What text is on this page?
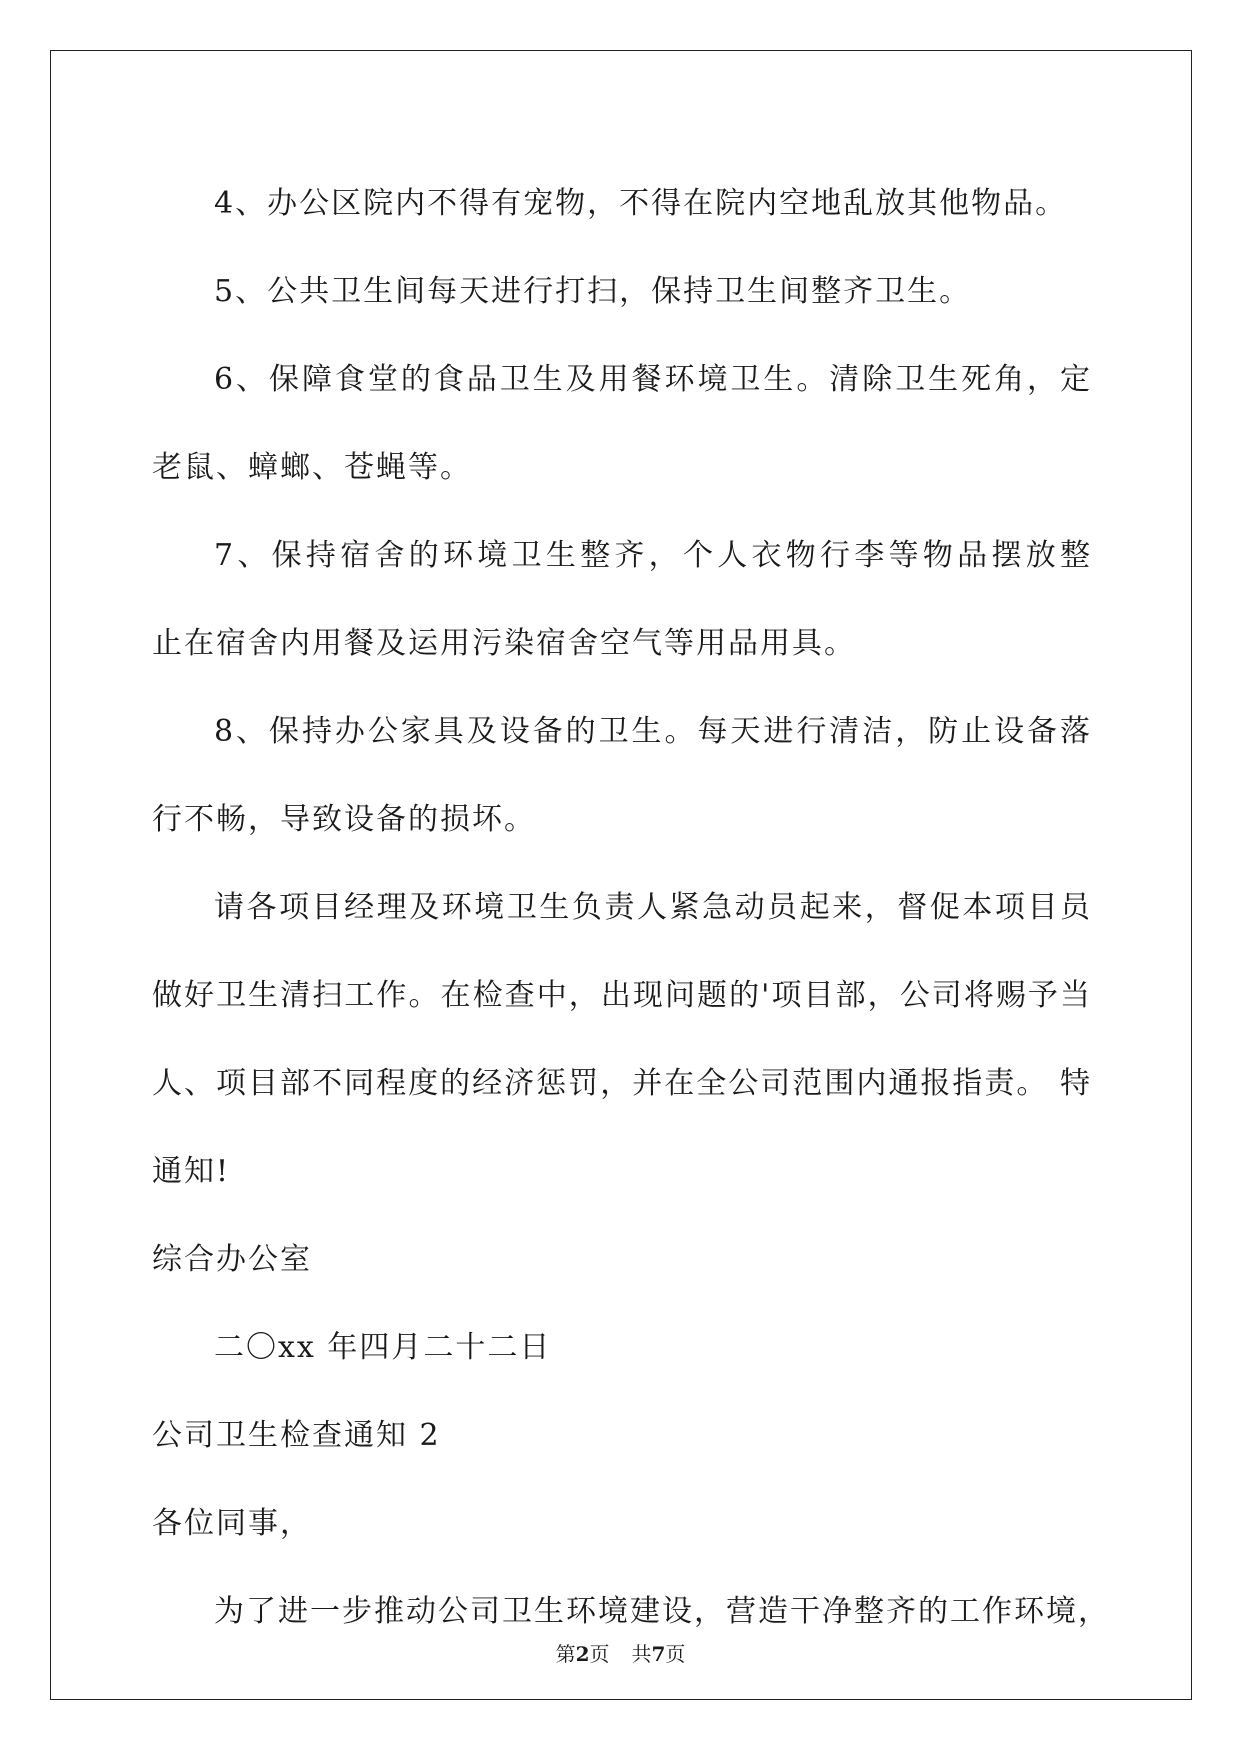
4、办公区院内不得有宠物，不得在院内空地乱放其他物品。
5、公共卫生间每天进行打扫，保持卫生间整齐卫生。
6、保障食堂的食品卫生及用餐环境卫生。清除卫生死角，定
老鼠、蟑螂、苍蝇等。
7、保持宿舍的环境卫生整齐，个人衣物行李等物品摆放整
止在宿舍内用餐及运用污染宿舍空气等用品用具。
8、保持办公家具及设备的卫生。每天进行清洁，防止设备落
行不畅，导致设备的损坏。
请各项目经理及环境卫生负责人紧急动员起来，督促本项目员
做好卫生清扫工作。在检查中，出现问题的'项目部，公司将赐予当
人、项目部不同程度的经济惩罚，并在全公司范围内通报指责。 特
通知!
综合办公室
二〇xx 年四月二十二日
公司卫生检查通知 2
各位同事，
为了进一步推动公司卫生环境建设，营造干净整齐的工作环境，
第2页 共7页
